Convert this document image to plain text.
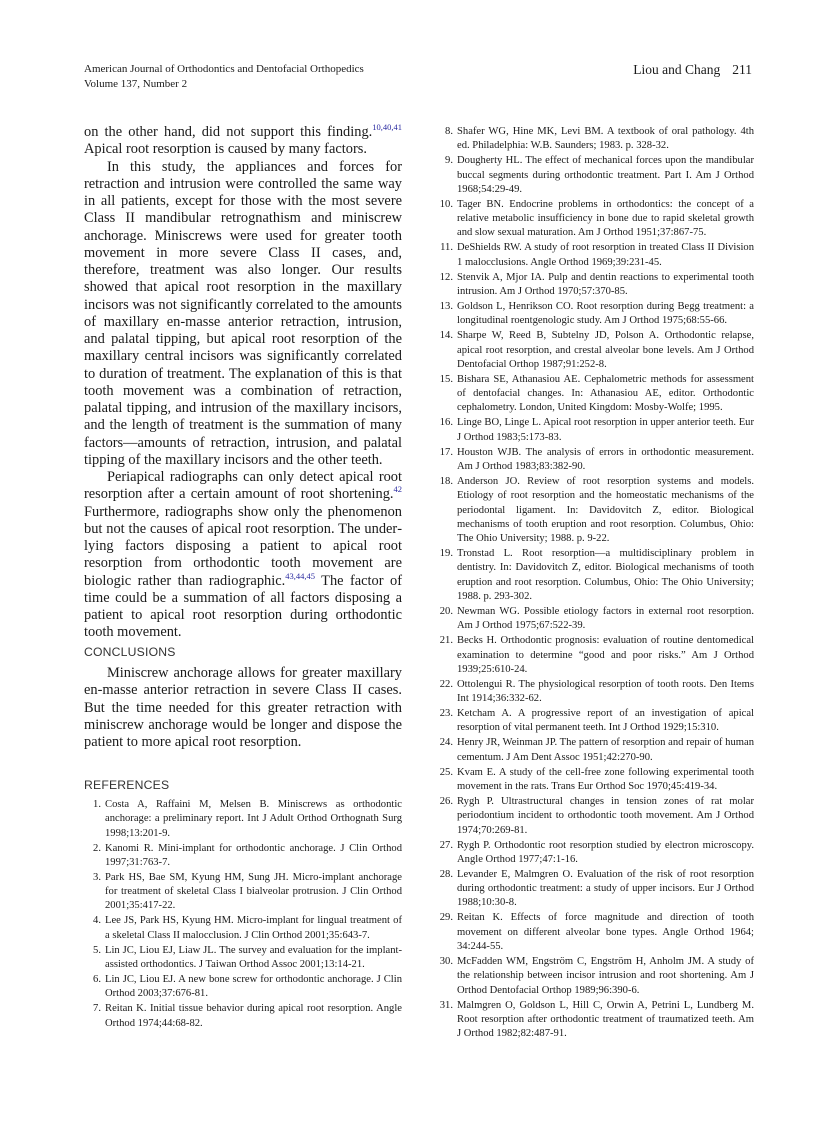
American Journal of Orthodontics and Dentofacial Orthopedics
Volume 137, Number 2
Liou and Chang 211

on the other hand, did not support this finding.$^{10,40,41}$ Apical root resorption is caused by many factors.

In this study, the appliances and forces for retraction and intrusion were controlled the same way in all patients, except for those with the most severe Class II mandibular retrognathism and miniscrew anchorage. Miniscrews were used for greater tooth movement in more severe Class II cases, and, therefore, treatment was also longer. Our results showed that apical root resorption in the maxillary incisors was not significantly correlated to the amounts of maxillary en-masse anterior retraction, intrusion, and palatal tipping, but apical root resorption of the maxillary central incisors was significantly correlated to duration of treatment. The explanation of this is that tooth movement was a combination of retraction, palatal tipping, and intrusion of the maxillary incisors, and the length of treatment is the summation of many factors—amounts of retraction, intrusion, and palatal tipping of the maxillary incisors and the other teeth.

Periapical radiographs can only detect apical root resorption after a certain amount of root shortening.$^{42}$ Furthermore, radiographs show only the phenomenon but not the causes of apical root resorption. The underlying factors disposing a patient to apical root resorption from orthodontic tooth movement are biologic rather than radiographic.$^{43,44,45}$ The factor of time could be a summation of all factors disposing a patient to apical root resorption during orthodontic tooth movement.

CONCLUSIONS

Miniscrew anchorage allows for greater maxillary en-masse anterior retraction in severe Class II cases. But the time needed for this greater retraction with miniscrew anchorage would be longer and dispose the patient to more apical root resorption.

REFERENCES
1. Costa A, Raffaini M, Melsen B. Miniscrews as orthodontic anchorage: a preliminary report. Int J Adult Orthod Orthognath Surg 1998;13:201-9.
2. Kanomi R. Mini-implant for orthodontic anchorage. J Clin Orthod 1997;31:763-7.
3. Park HS, Bae SM, Kyung HM, Sung JH. Micro-implant anchorage for treatment of skeletal Class I bialveolar protrusion. J Clin Orthod 2001;35:417-22.
4. Lee JS, Park HS, Kyung HM. Micro-implant for lingual treatment of a skeletal Class II malocclusion. J Clin Orthod 2001;35:643-7.
5. Lin JC, Liou EJ, Liaw JL. The survey and evaluation for the implant-assisted orthodontics. J Taiwan Orthod Assoc 2001;13:14-21.
6. Lin JC, Liou EJ. A new bone screw for orthodontic anchorage. J Clin Orthod 2003;37:676-81.
7. Reitan K. Initial tissue behavior during apical root resorption. Angle Orthod 1974;44:68-82.
8. Shafer WG, Hine MK, Levi BM. A textbook of oral pathology. 4th ed. Philadelphia: W.B. Saunders; 1983. p. 328-32.
9. Dougherty HL. The effect of mechanical forces upon the mandibular buccal segments during orthodontic treatment. Part I. Am J Orthod 1968;54:29-49.
10. Tager BN. Endocrine problems in orthodontics: the concept of a relative metabolic insufficiency in bone due to rapid skeletal growth and slow sexual maturation. Am J Orthod 1951;37:867-75.
11. DeShields RW. A study of root resorption in treated Class II Division 1 malocclusions. Angle Orthod 1969;39:231-45.
12. Stenvik A, Mjor IA. Pulp and dentin reactions to experimental tooth intrusion. Am J Orthod 1970;57:370-85.
13. Goldson L, Henrikson CO. Root resorption during Begg treatment: a longitudinal roentgenologic study. Am J Orthod 1975;68:55-66.
14. Sharpe W, Reed B, Subtelny JD, Polson A. Orthodontic relapse, apical root resorption, and crestal alveolar bone levels. Am J Orthod Dentofacial Orthop 1987;91:252-8.
15. Bishara SE, Athanasiou AE. Cephalometric methods for assessment of dentofacial changes. In: Athanasiou AE, editor. Orthodontic cephalometry. London, United Kingdom: Mosby-Wolfe; 1995.
16. Linge BO, Linge L. Apical root resorption in upper anterior teeth. Eur J Orthod 1983;5:173-83.
17. Houston WJB. The analysis of errors in orthodontic measurement. Am J Orthod 1983;83:382-90.
18. Anderson JO. Review of root resorption systems and models. Etiology of root resorption and the homeostatic mechanisms of the periodontal ligament. In: Davidovitch Z, editor. Biological mechanisms of tooth eruption and root resorption. Columbus, Ohio: The Ohio University; 1988. p. 9-22.
19. Tronstad L. Root resorption—a multidisciplinary problem in dentistry. In: Davidovitch Z, editor. Biological mechanisms of tooth eruption and root resorption. Columbus, Ohio: The Ohio University; 1988. p. 293-302.
20. Newman WG. Possible etiology factors in external root resorption. Am J Orthod 1975;67:522-39.
21. Becks H. Orthodontic prognosis: evaluation of routine dentomedical examination to determine “good and poor risks.” Am J Orthod 1939;25:610-24.
22. Ottolengui R. The physiological resorption of tooth roots. Den Items Int 1914;36:332-62.
23. Ketcham A. A progressive report of an investigation of apical resorption of vital permanent teeth. Int J Orthod 1929;15:310.
24. Henry JR, Weinman JP. The pattern of resorption and repair of human cementum. J Am Dent Assoc 1951;42:270-90.
25. Kvam E. A study of the cell-free zone following experimental tooth movement in the rats. Trans Eur Orthod Soc 1970;45:419-34.
26. Rygh P. Ultrastructural changes in tension zones of rat molar periodontium incident to orthodontic tooth movement. Am J Orthod 1974;70:269-81.
27. Rygh P. Orthodontic root resorption studied by electron microscopy. Angle Orthod 1977;47:1-16.
28. Levander E, Malmgren O. Evaluation of the risk of root resorption during orthodontic treatment: a study of upper incisors. Eur J Orthod 1988;10:30-8.
29. Reitan K. Effects of force magnitude and direction of tooth movement on different alveolar bone types. Angle Orthod 1964; 34:244-55.
30. McFadden WM, Engström C, Engström H, Anholm JM. A study of the relationship between incisor intrusion and root shortening. Am J Orthod Dentofacial Orthop 1989;96:390-6.
31. Malmgren O, Goldson L, Hill C, Orwin A, Petrini L, Lundberg M. Root resorption after orthodontic treatment of traumatized teeth. Am J Orthod 1982;82:487-91.
